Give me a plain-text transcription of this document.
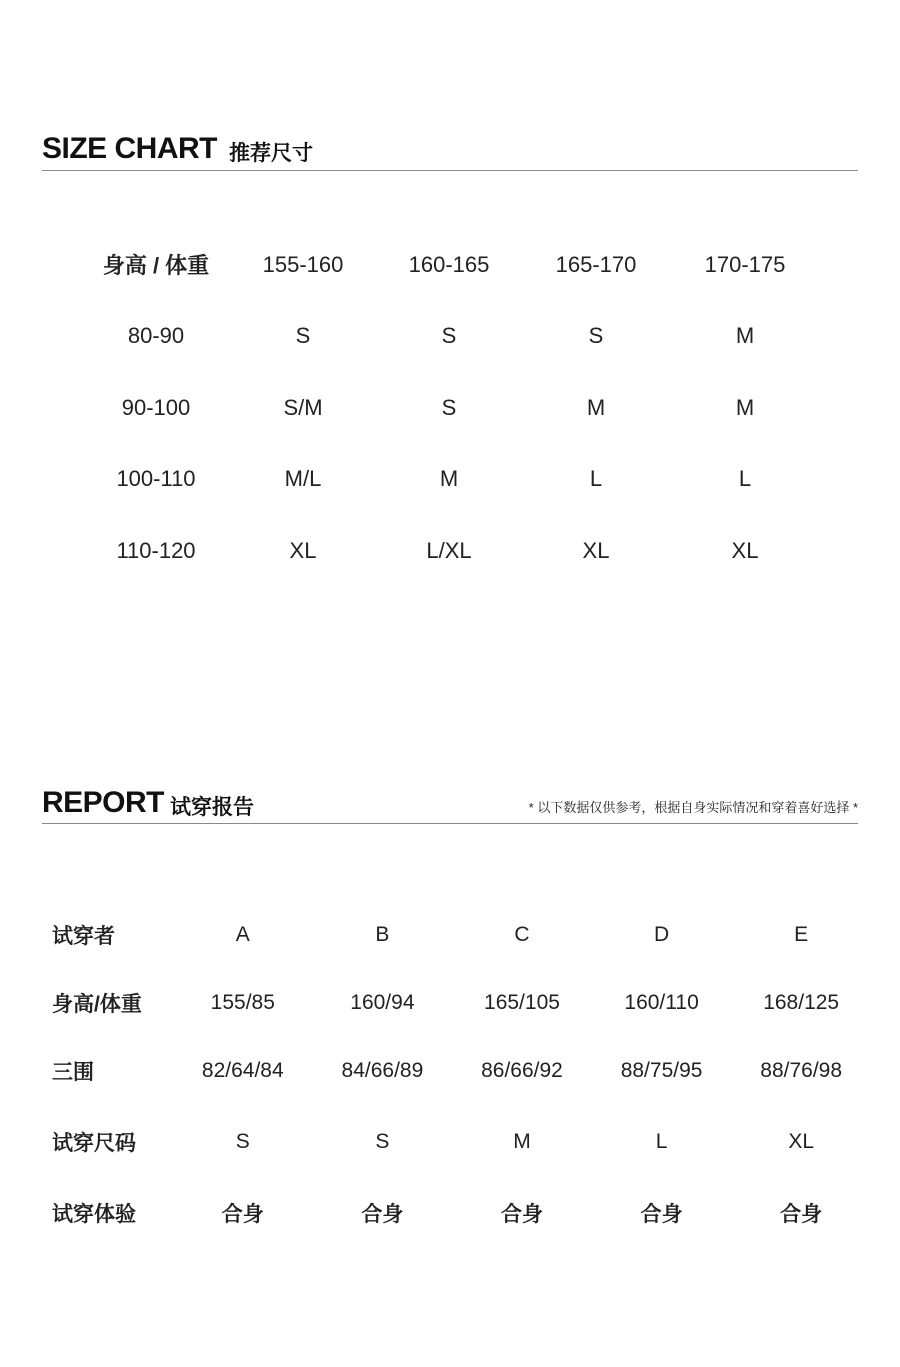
SIZE CHART 推荐尺寸
身高 / 体重	155-160	160-165	165-170	170-175
80-90	S	S	S	M
90-100	S/M	S	M	M
100-110	M/L	M	L	L
110-120	XL	L/XL	XL	XL
REPORT 试穿报告	* 以下数据仅供参考，根据自身实际情况和穿着喜好选择 *
试穿者	A	B	C	D	E
身高/体重	155/85	160/94	165/105	160/110	168/125
三围	82/64/84	84/66/89	86/66/92	88/75/95	88/76/98
试穿尺码	S	S	M	L	XL
试穿体验	合身	合身	合身	合身	合身
